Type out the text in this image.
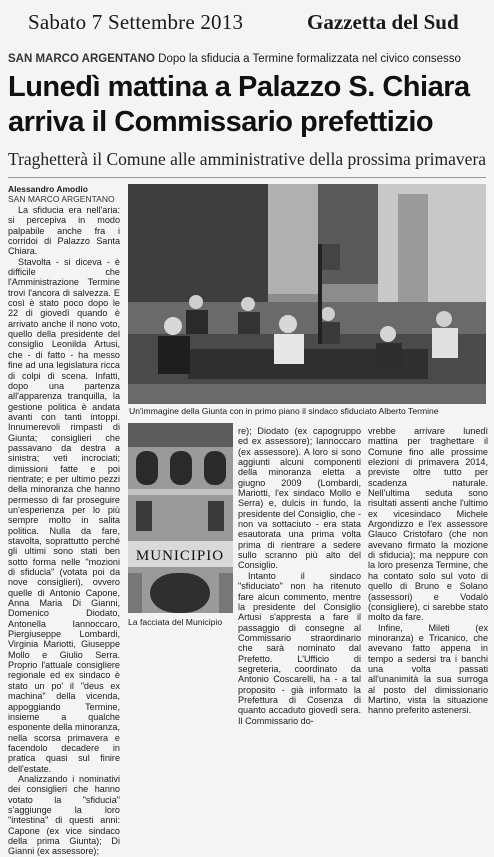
Sabato 7 Settembre 2013	Gazzetta del Sud
SAN MARCO ARGENTANO Dopo la sfiducia a Termine formalizzata nel civico consesso
Lunedì mattina a Palazzo S. Chiara
arriva il Commissario prefettizio
Traghetterà il Comune alle amministrative della prossima primavera
Alessandro Amodio
SAN MARCO ARGENTANO

La sfiducia era nell'aria: si percepiva in modo palpabile anche fra i corridoi di Palazzo Santa Chiara.

Stavolta - si diceva - è difficile che l'Amministrazione Termine trovi l'ancora di salvezza. E così è stato poco dopo le 22 di giovedì quando è arrivato anche il nono voto, quello della presidente del consiglio Leonilda Artusi, che - di fatto - ha messo fine ad una legislatura ricca di colpi di scena. Infatti, dopo una partenza all'apparenza tranquilla, la gestione politica è andata avanti con tanti intoppi. Innumerevoli rimpasti di Giunta; consiglieri che passavano da destra a sinistra; veti incrociati; dimissioni fatte e poi rientrate; e per ultimo pezzi della minoranza che hanno permesso di far proseguire un'esperienza per lo più sempre molto in salita politica. Nulla da fare, stavolta, soprattutto perché gli ultimi sono stati ben sotto forma nelle "mozioni di sfiducia" (votata poi da nove consiglieri), ovvero quelle di Antonio Capone, Anna Maria Di Gianni, Domenico Diodato, Antonella Iannoccaro, Piergiuseppe Lombardi, Virginia Mariotti, Giuseppe Mollo e Giulio Serra. Proprio l'attuale consigliere regionale ed ex sindaco è stato un po' il "deus ex machina" della vicenda, appoggiando Termine, insieme a qualche esponente della minoranza, nella scorsa primavera e facendolo decadere in pratica quasi sul finire dell'estate.

Analizzando i nominativi dei consiglieri che hanno votato la "sfiducia" s'aggiunge la loro "intestina" di questi anni: Capone (ex vice sindaco della prima Giunta); Di Gianni (ex assessore);

Un'immagine della Giunta con in primo piano il sindaco sfiduciato Alberto Termine
MUNICIPIO
La facciata del Municipio

re); Diodato (ex capogruppo ed ex assessore); Iannoccaro (ex assessore). A loro si sono aggiunti alcuni componenti della minoranza eletta a giugno 2009 (Lombardi, Mariotti, l'ex sindaco Mollo e Serra) e, dulcis in fundo, la presidente del Consiglio, che - non va sottaciuto - era stata esautorata una prima volta prima di rientrare a sedere sullo scranno più alto del Consiglio.

Intanto il sindaco "sfiduciato" non ha ritenuto fare alcun commento, mentre la presidente del Consiglio Artusi s'appresta a fare il passaggio di consegne al Commissario straordinario che sarà nominato dal Prefetto. L'Ufficio di segreteria, coordinato da Antonio Coscarelli, ha - a tal proposito - già informato la Prefettura di Cosenza di quanto accaduto giovedì sera. Il Commissario do-

vrebbe arrivare lunedì mattina per traghettare il Comune fino alle prossime elezioni di primavera 2014, previste oltre tutto per scadenza naturale. Nell'ultima seduta sono risultati assenti anche l'ultimo ex vicesindaco Michele Argondizzo e l'ex assessore Glauco Cristofaro (che non avevano firmato la mozione di sfiducia); ma neppure con la loro presenza Termine, che ha contato solo sul voto di quello di Bruno e Solano (assessori) e Vodalò (consigliere), ci sarebbe stato molto da fare.

Infine, Mileti (ex minoranza) e Tricanico, che avevano fatto appena in tempo a sedersi tra i banchi una volta passati all'unanimità la sua surroga al posto del dimissionario Martino, vista la situazione hanno preferito astenersi.
